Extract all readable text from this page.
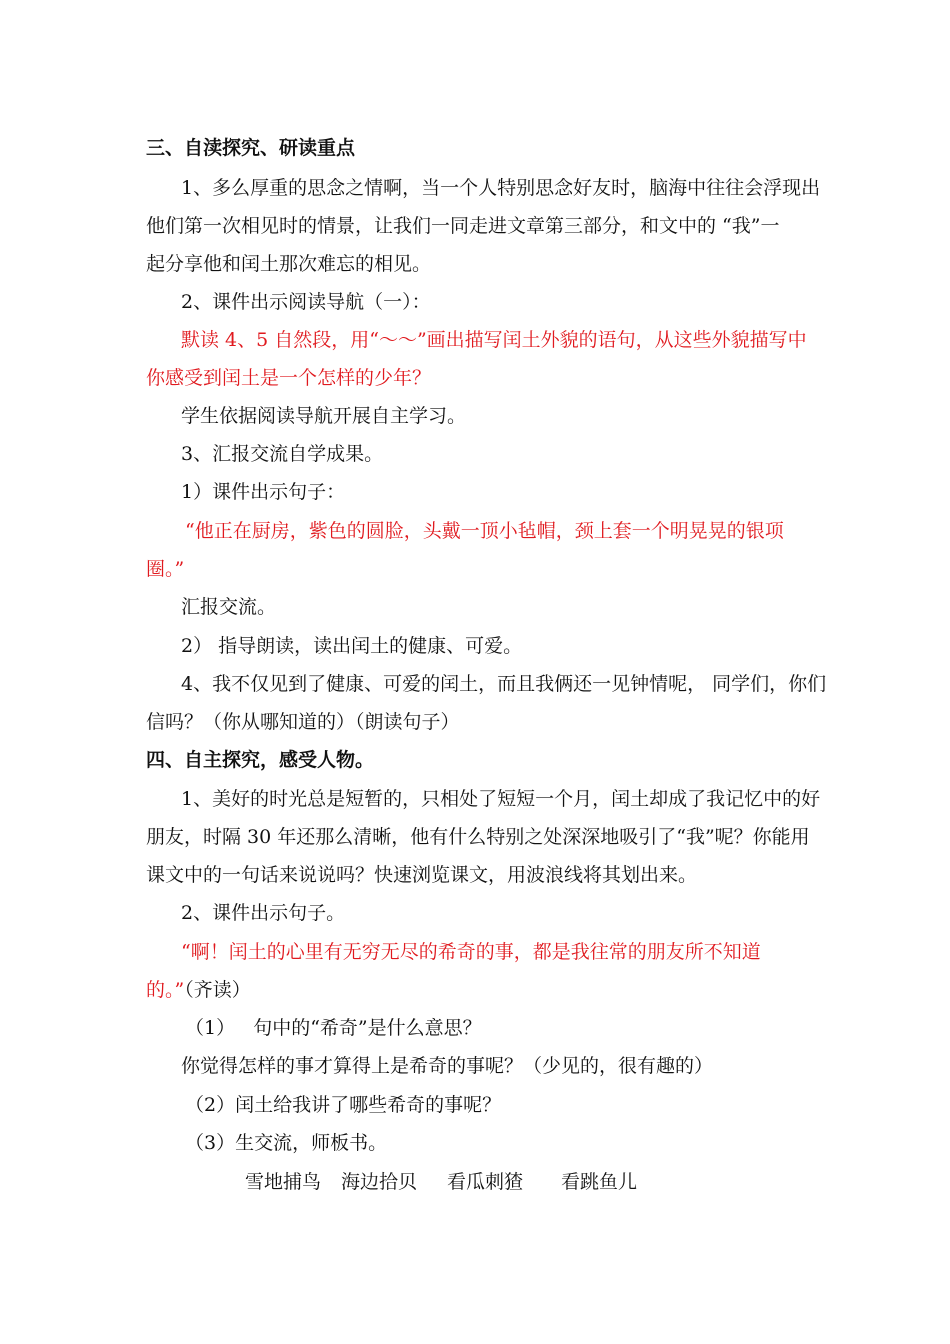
三、自渎探究、研读重点
1、多么厚重的思念之情啊，当一个人特别思念好友时，脑海中往往会浮现出
他们第一次相见时的情景，让我们一同走进文章第三部分，和文中的 “我”一
起分享他和闰土那次难忘的相见。
2、课件出示阅读导航（一）：
默读 4、5 自然段，用“～～”画出描写闰土外貌的语句，从这些外貌描写中
你感受到闰土是一个怎样的少年？
学生依据阅读导航开展自主学习。
3、汇报交流自学成果。
1）课件出示句子：
“他正在厨房，紫色的圆脸，头戴一顶小毡帽，颈上套一个明晃晃的银项
圈。”
汇报交流。
2） 指导朗读，读出闰土的健康、可爱。
4、我不仅见到了健康、可爱的闰土，而且我俩还一见钟情呢， 同学们，你们
信吗？（你从哪知道的）（朗读句子）
四、自主探究，感受人物。
1、美好的时光总是短暂的，只相处了短短一个月，闰土却成了我记忆中的好
朋友，时隔 30 年还那么清晰，他有什么特别之处深深地吸引了“我”呢？你能用
课文中的一句话来说说吗？快速浏览课文，用波浪线将其划出来。
2、课件出示句子。
“啊！闰土的心里有无穷无尽的希奇的事，都是我往常的朋友所不知道
的。”（齐读）
（1）   句中的“希奇”是什么意思？
你觉得怎样的事才算得上是希奇的事呢？（少见的，很有趣的）
（2）闰土给我讲了哪些希奇的事呢？
（3）生交流，师板书。
雪地捕鸟 海边拾贝 看瓜刺猹 看跳鱼儿
